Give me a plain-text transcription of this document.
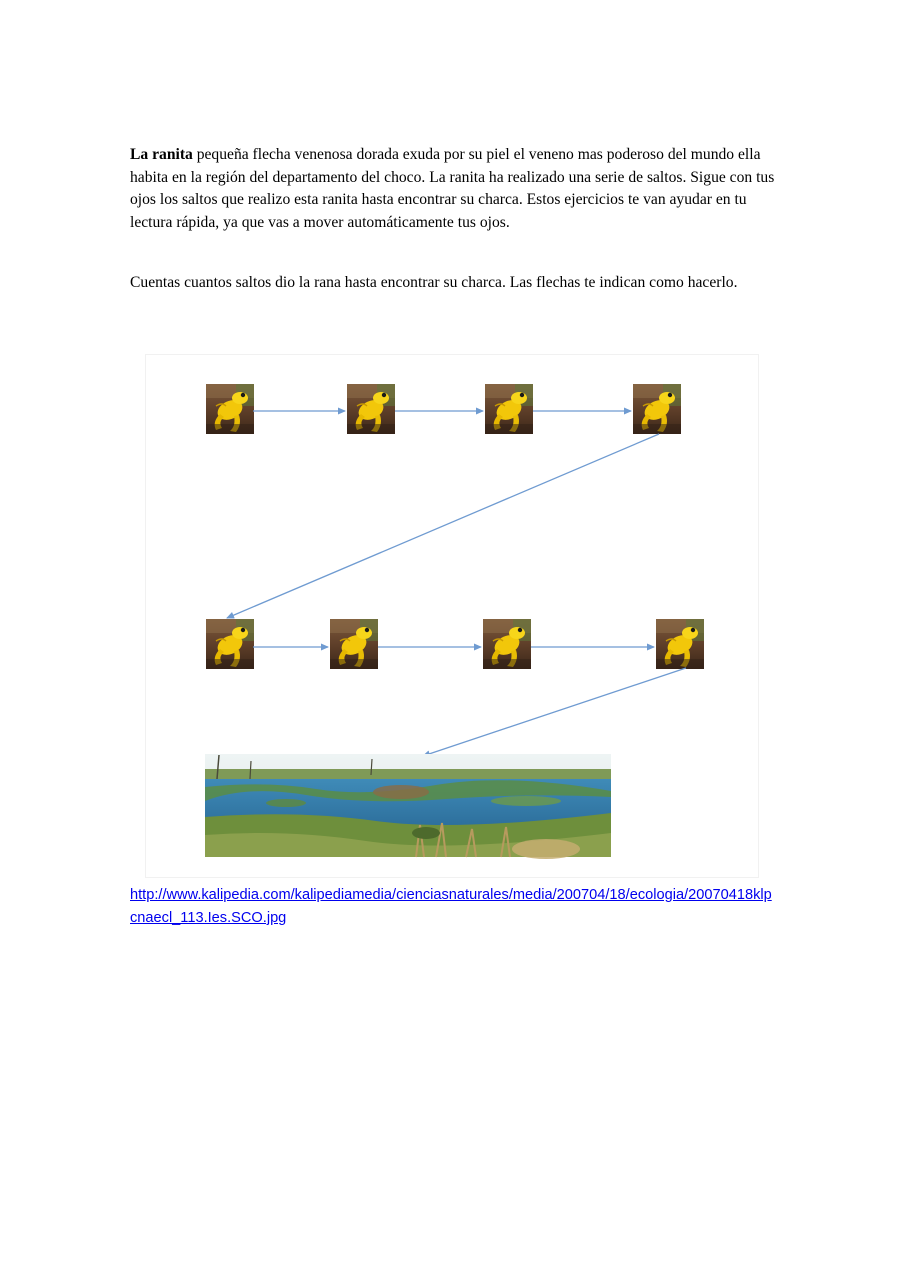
La ranita pequeña flecha venenosa dorada exuda por su piel el veneno mas poderoso del mundo ella habita en la región del departamento del choco. La ranita ha realizado una serie de saltos. Sigue con tus ojos los saltos que realizo esta ranita hasta encontrar su charca. Estos ejercicios te van ayudar en tu lectura rápida, ya que vas a mover automáticamente tus ojos.

Cuentas cuantos saltos dio la rana hasta encontrar su charca. Las flechas te indican como hacerlo.

http://www.kalipedia.com/kalipediamedia/cienciasnaturales/media/200704/18/ecologia/20070418klpcnaecl_113.Ies.SCO.jpg
